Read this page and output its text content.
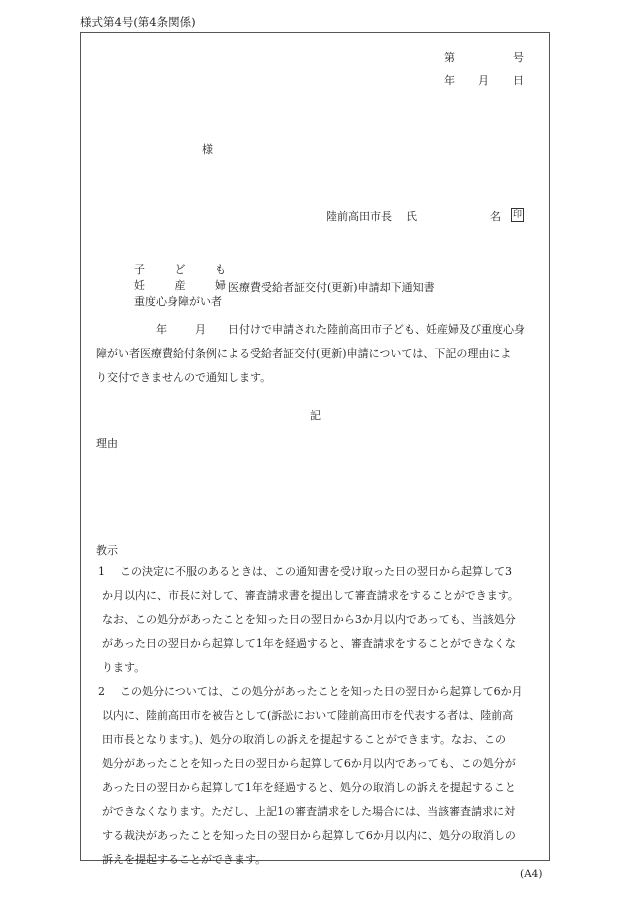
様式第4号(第4条関係)
第	号
年 月 日
様
陸前高田市長 氏	名	印
子	ど	も
妊	産	婦
重度心身障がい者
医療費受給者証交付(更新)申請却下通知書
年	月 日付けで申請された陸前高田市子ども、妊産婦及び重度心身
障がい者医療費給付条例による受給者証交付(更新)申請については、下記の理由によ
り交付できませんので通知します。
記
理由
教示
1	この決定に不服のあるときは、この通知書を受け取った日の翌日から起算して3
か月以内に、市長に対して、審査請求書を提出して審査請求をすることができます。
なお、この処分があったことを知った日の翌日から3か月以内であっても、当該処分
があった日の翌日から起算して1年を経過すると、審査請求をすることができなくな
ります。
2	この処分については、この処分があったことを知った日の翌日から起算して6か月
以内に、陸前高田市を被告として(訴訟において陸前高田市を代表する者は、陸前高
田市長となります。)、処分の取消しの訴えを提起することができます。なお、この
処分があったことを知った日の翌日から起算して6か月以内であっても、この処分が
あった日の翌日から起算して1年を経過すると、処分の取消しの訴えを提起すること
ができなくなります。ただし、上記1の審査請求をした場合には、当該審査請求に対
する裁決があったことを知った日の翌日から起算して6か月以内に、処分の取消しの
訴えを提起することができます。
(A4)
